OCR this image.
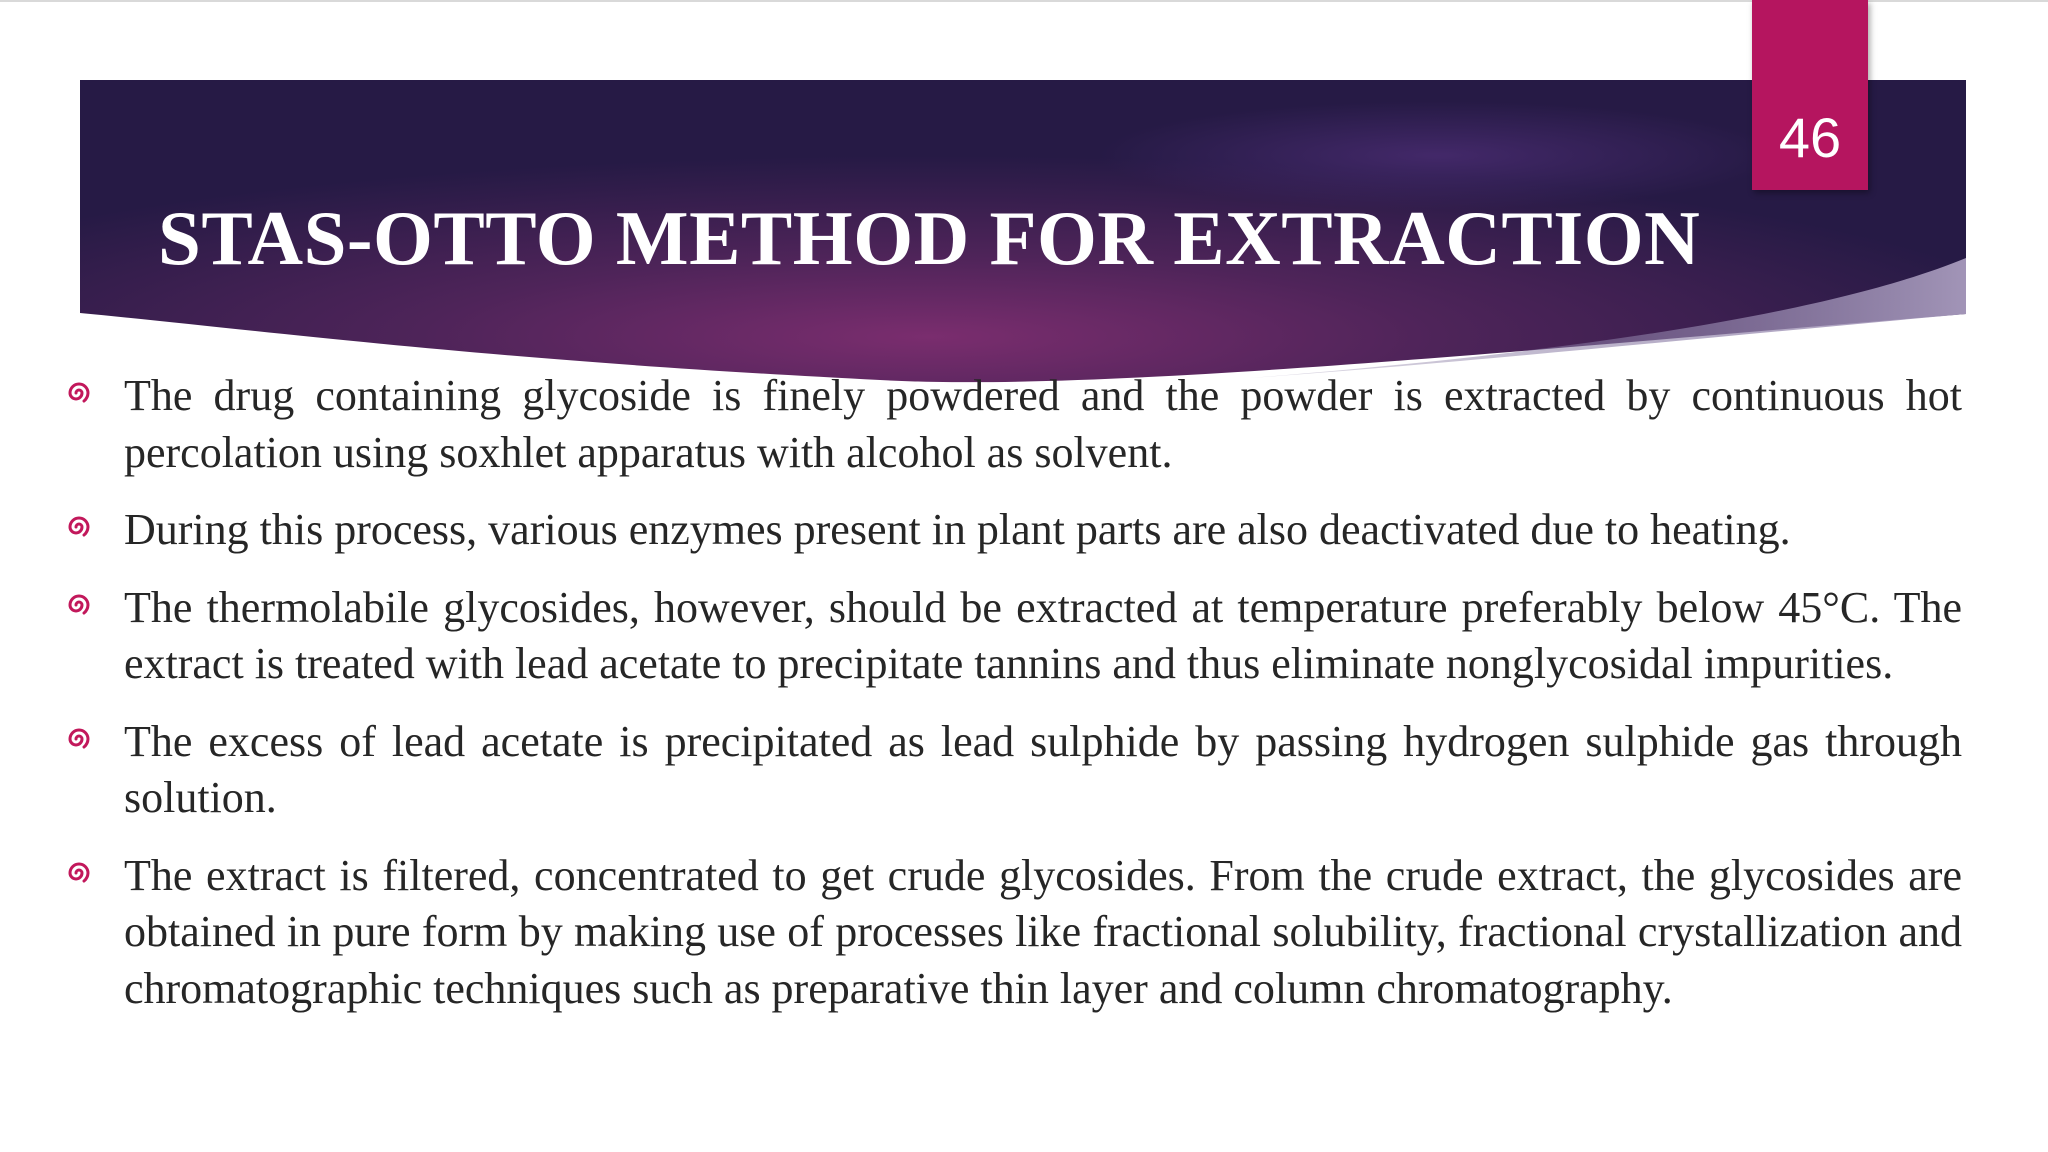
STAS-OTTO METHOD FOR EXTRACTION
46
The drug containing glycoside is finely powdered and the powder is extracted by continuous hot percolation using soxhlet apparatus with alcohol as solvent.
During this process, various enzymes present in plant parts are also deactivated due to heating.
The thermolabile glycosides, however, should be extracted at temperature preferably below 45°C. The extract is treated with lead acetate to precipitate tannins and thus eliminate nonglycosidal impurities.
The excess of lead acetate is precipitated as lead sulphide by passing hydrogen sulphide gas through solution.
The extract is filtered, concentrated to get crude glycosides. From the crude extract, the glycosides are obtained in pure form by making use of processes like fractional solubility, fractional crystallization and chromatographic techniques such as preparative thin layer and column chromatography.
